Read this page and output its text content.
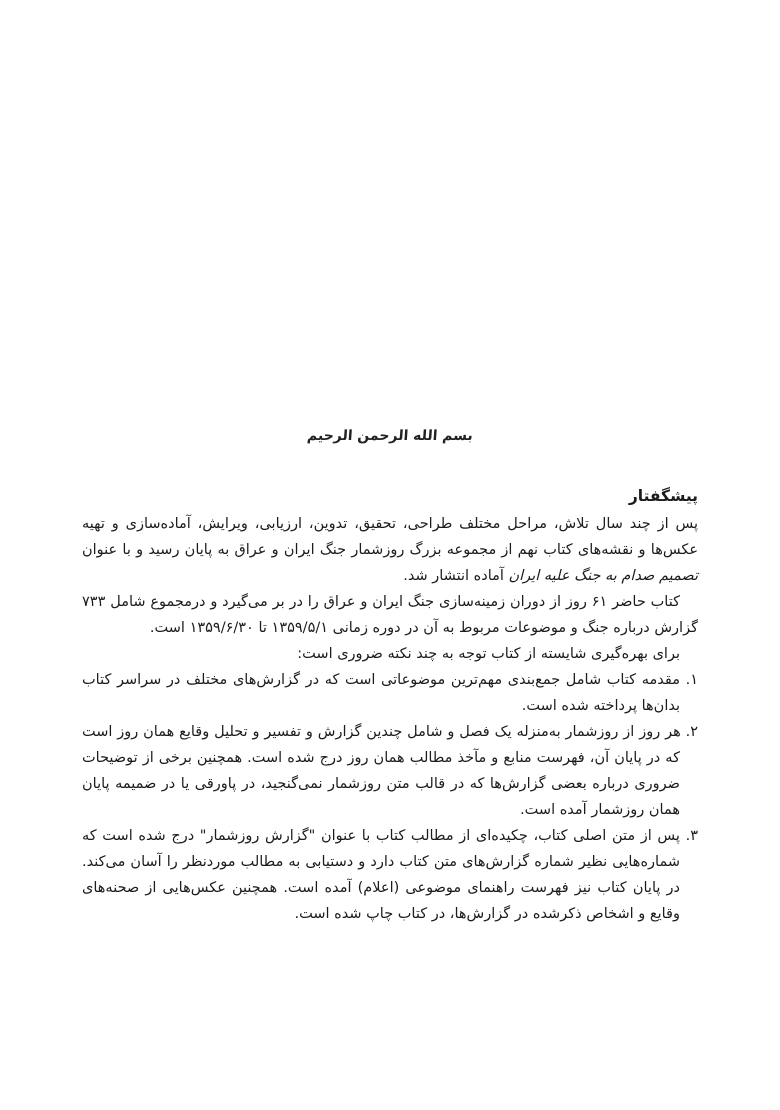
بسم الله الرحمن الرحیم
پیشگفتار

پس از چند سال تلاش، مراحل مختلف طراحی، تحقیق، تدوین، ارزیابی، ویرایش، آماده‌سازی و تهیه عکس‌ها و نقشه‌های کتاب نهم از مجموعه بزرگ روزشمار جنگ ایران و عراق به پایان رسید و با عنوان تصمیم صدام به جنگ علیه ایران آماده انتشار شد.

کتاب حاضر ۶۱ روز از دوران زمینه‌سازی جنگ ایران و عراق را در بر می‌گیرد و درمجموع شامل ۷۳۳ گزارش درباره جنگ و موضوعات مربوط به آن در دوره زمانی ۱۳۵۹/۵/۱ تا ۱۳۵۹/۶/۳۰ است.

برای بهره‌گیری شایسته از کتاب توجه به چند نکته ضروری است:

۱. مقدمه کتاب شامل جمع‌بندی مهم‌ترین موضوعاتی است که در گزارش‌های مختلف در سراسر کتاب بدان‌ها پرداخته شده است.

۲. هر روز از روزشمار به‌منزله یک فصل و شامل چندین گزارش و تفسیر و تحلیل وقایع همان روز است که در پایان آن، فهرست منابع و مآخذ مطالب همان روز درج شده است. همچنین برخی از توضیحات ضروری درباره بعضی گزارش‌ها که در قالب متن روزشمار نمی‌گنجید، در پاورقی یا در ضمیمه پایان همان روزشمار آمده است.

۳. پس از متن اصلی کتاب، چکیده‌ای از مطالب کتاب با عنوان "گزارش روزشمار" درج شده است که شماره‌هایی نظیر شماره گزارش‌های متن کتاب دارد و دستیابی به مطالب موردنظر را آسان می‌کند. در پایان کتاب نیز فهرست راهنمای موضوعی (اعلام) آمده است. همچنین عکس‌هایی از صحنه‌های وقایع و اشخاص ذکرشده در گزارش‌ها، در کتاب چاپ شده است.
